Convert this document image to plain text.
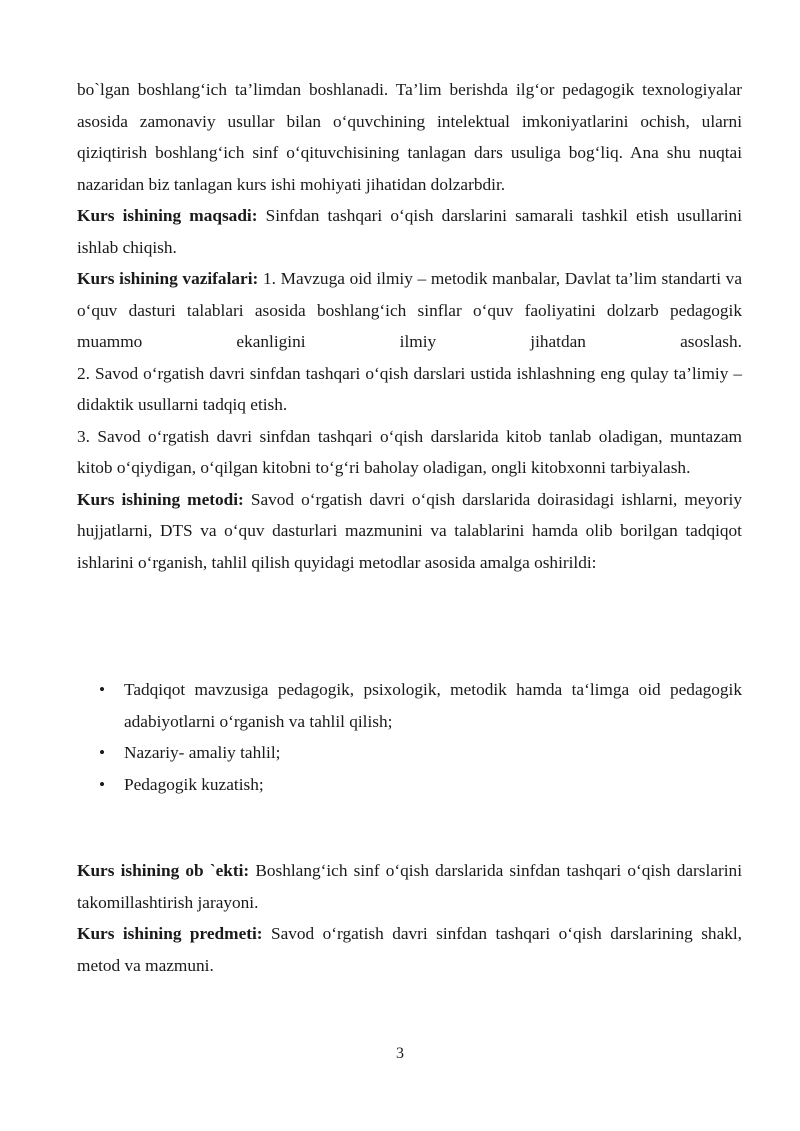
bo`lgan boshlang‘ich ta’limdan boshlanadi. Ta’lim berishda ilg‘or pedagogik texnologiyalar asosida zamonaviy usullar bilan o‘quvchining intelektual imkoniyatlarini ochish, ularni qiziqtirish boshlang‘ich sinf o‘qituvchisining tanlagan dars usuliga bog‘liq. Ana shu nuqtai nazaridan biz tanlagan kurs ishi mohiyati jihatidan dolzarbdir.

Kurs ishining maqsadi: Sinfdan tashqari o‘qish darslarini samarali tashkil etish usullarini ishlab chiqish.

Kurs ishining vazifalari: 1. Mavzuga oid ilmiy – metodik manbalar, Davlat ta’lim standarti va o‘quv dasturi talablari asosida boshlang‘ich sinflar o‘quv faoliyatini dolzarb pedagogik muammo ekanligini ilmiy jihatdan asoslash.

2. Savod o‘rgatish davri sinfdan tashqari o‘qish darslari ustida ishlashning eng qulay ta’limiy – didaktik usullarni tadqiq etish.

3. Savod o‘rgatish davri sinfdan tashqari o‘qish darslarida kitob tanlab oladigan, muntazam kitob o‘qiydigan, o‘qilgan kitobni to‘g‘ri baholay oladigan, ongli kitobxonni tarbiyalash.

Kurs ishining metodi: Savod o‘rgatish davri o‘qish darslarida doirasidagi ishlarni, meyoriy hujjatlarni, DTS va o‘quv dasturlari mazmunini va talablarini hamda olib borilgan tadqiqot ishlarini o‘rganish, tahlil qilish quyidagi metodlar asosida amalga oshirildi:

•	Tadqiqot mavzusiga pedagogik, psixologik, metodik hamda ta‘limga oid pedagogik adabiyotlarni o‘rganish va tahlil qilish;
•	Nazariy- amaliy tahlil;
•	Pedagogik kuzatish;

Kurs ishining ob `ekti: Boshlang‘ich sinf o‘qish darslarida sinfdan tashqari o‘qish darslarini takomillashtirish jarayoni.

Kurs ishining predmeti: Savod o‘rgatish davri sinfdan tashqari o‘qish darslarining shakl, metod va mazmuni.

3
